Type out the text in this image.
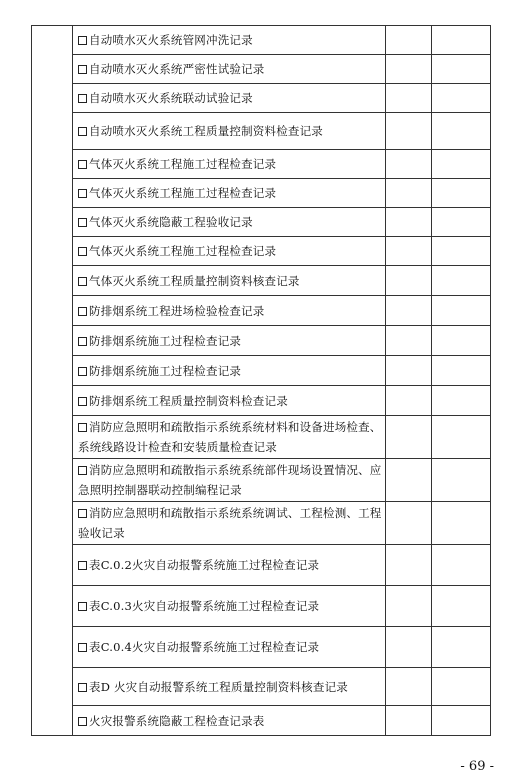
	自动喷水灭火系统管网冲洗记录		
	自动喷水灭火系统严密性试验记录		
	自动喷水灭火系统联动试验记录		
	自动喷水灭火系统工程质量控制资料检查记录		
	气体灭火系统工程施工过程检查记录		
	气体灭火系统工程施工过程检查记录		
	气体灭火系统隐蔽工程验收记录		
	气体灭火系统工程施工过程检查记录		
	气体灭火系统工程质量控制资料核查记录		
	防排烟系统工程进场检验检查记录		
	防排烟系统施工过程检查记录		
	防排烟系统施工过程检查记录		
	防排烟系统工程质量控制资料检查记录		
	消防应急照明和疏散指示系统系统材料和设备进场检查、系统线路设计检查和安装质量检查记录		
	消防应急照明和疏散指示系统系统部件现场设置情况、应急照明控制器联动控制编程记录		
	消防应急照明和疏散指示系统系统调试、工程检测、工程验收记录		
	表C.0.2火灾自动报警系统施工过程检查记录		
	表C.0.3火灾自动报警系统施工过程检查记录		
	表C.0.4火灾自动报警系统施工过程检查记录		
	表D 火灾自动报警系统工程质量控制资料核查记录		
	火灾报警系统隐蔽工程检查记录表		
- 69 -
